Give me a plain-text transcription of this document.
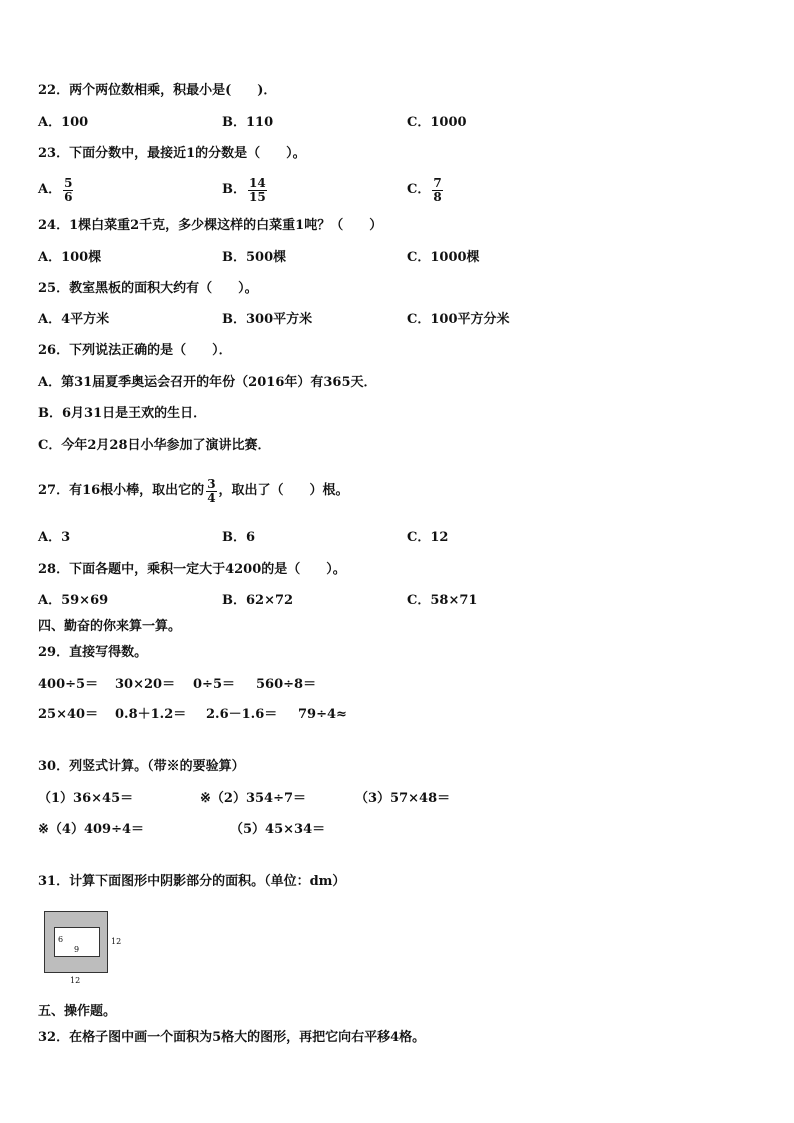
22．两个两位数相乘，积最小是(　　)．
A．100	B．110	C．1000
23．下面分数中，最接近1的分数是（　　）。
A． $\frac{5}{6}$	B． $\frac{14}{15}$	C． $\frac{7}{8}$
24．1棵白菜重2千克，多少棵这样的白菜重1吨？（　　）
A．100棵	B．500棵	C．1000棵
25．教室黑板的面积大约有（　　）。
A．4平方米	B．300平方米	C．100平方分米
26．下列说法正确的是（　　）．
A．第31届夏季奥运会召开的年份（2016年）有365天．
B．6月31日是王欢的生日．
C．今年2月28日小华参加了演讲比赛．
27．有16根小棒，取出它的 $\frac{3}{4}$ ，取出了（　　）根。
A．3	B．6	C．12
28．下面各题中，乘积一定大于4200的是（　　）。
A．59×69	B．62×72	C．58×71
四、勤奋的你来算一算。
29．直接写得数。
400÷5＝ 30×20＝ 0÷5＝ 560÷8＝
25×40＝ 0.8＋1.2＝ 2.6－1.6＝ 79÷4≈
30．列竖式计算。（带※的要验算）
（1）36×45＝	※（2）354÷7＝	（3）57×48＝
※（4）409÷4＝	（5）45×34＝
31．计算下面图形中阴影部分的面积。（单位：dm）
6
9
12
12
五、操作题。
32．在格子图中画一个面积为5格大的图形，再把它向右平移4格。
